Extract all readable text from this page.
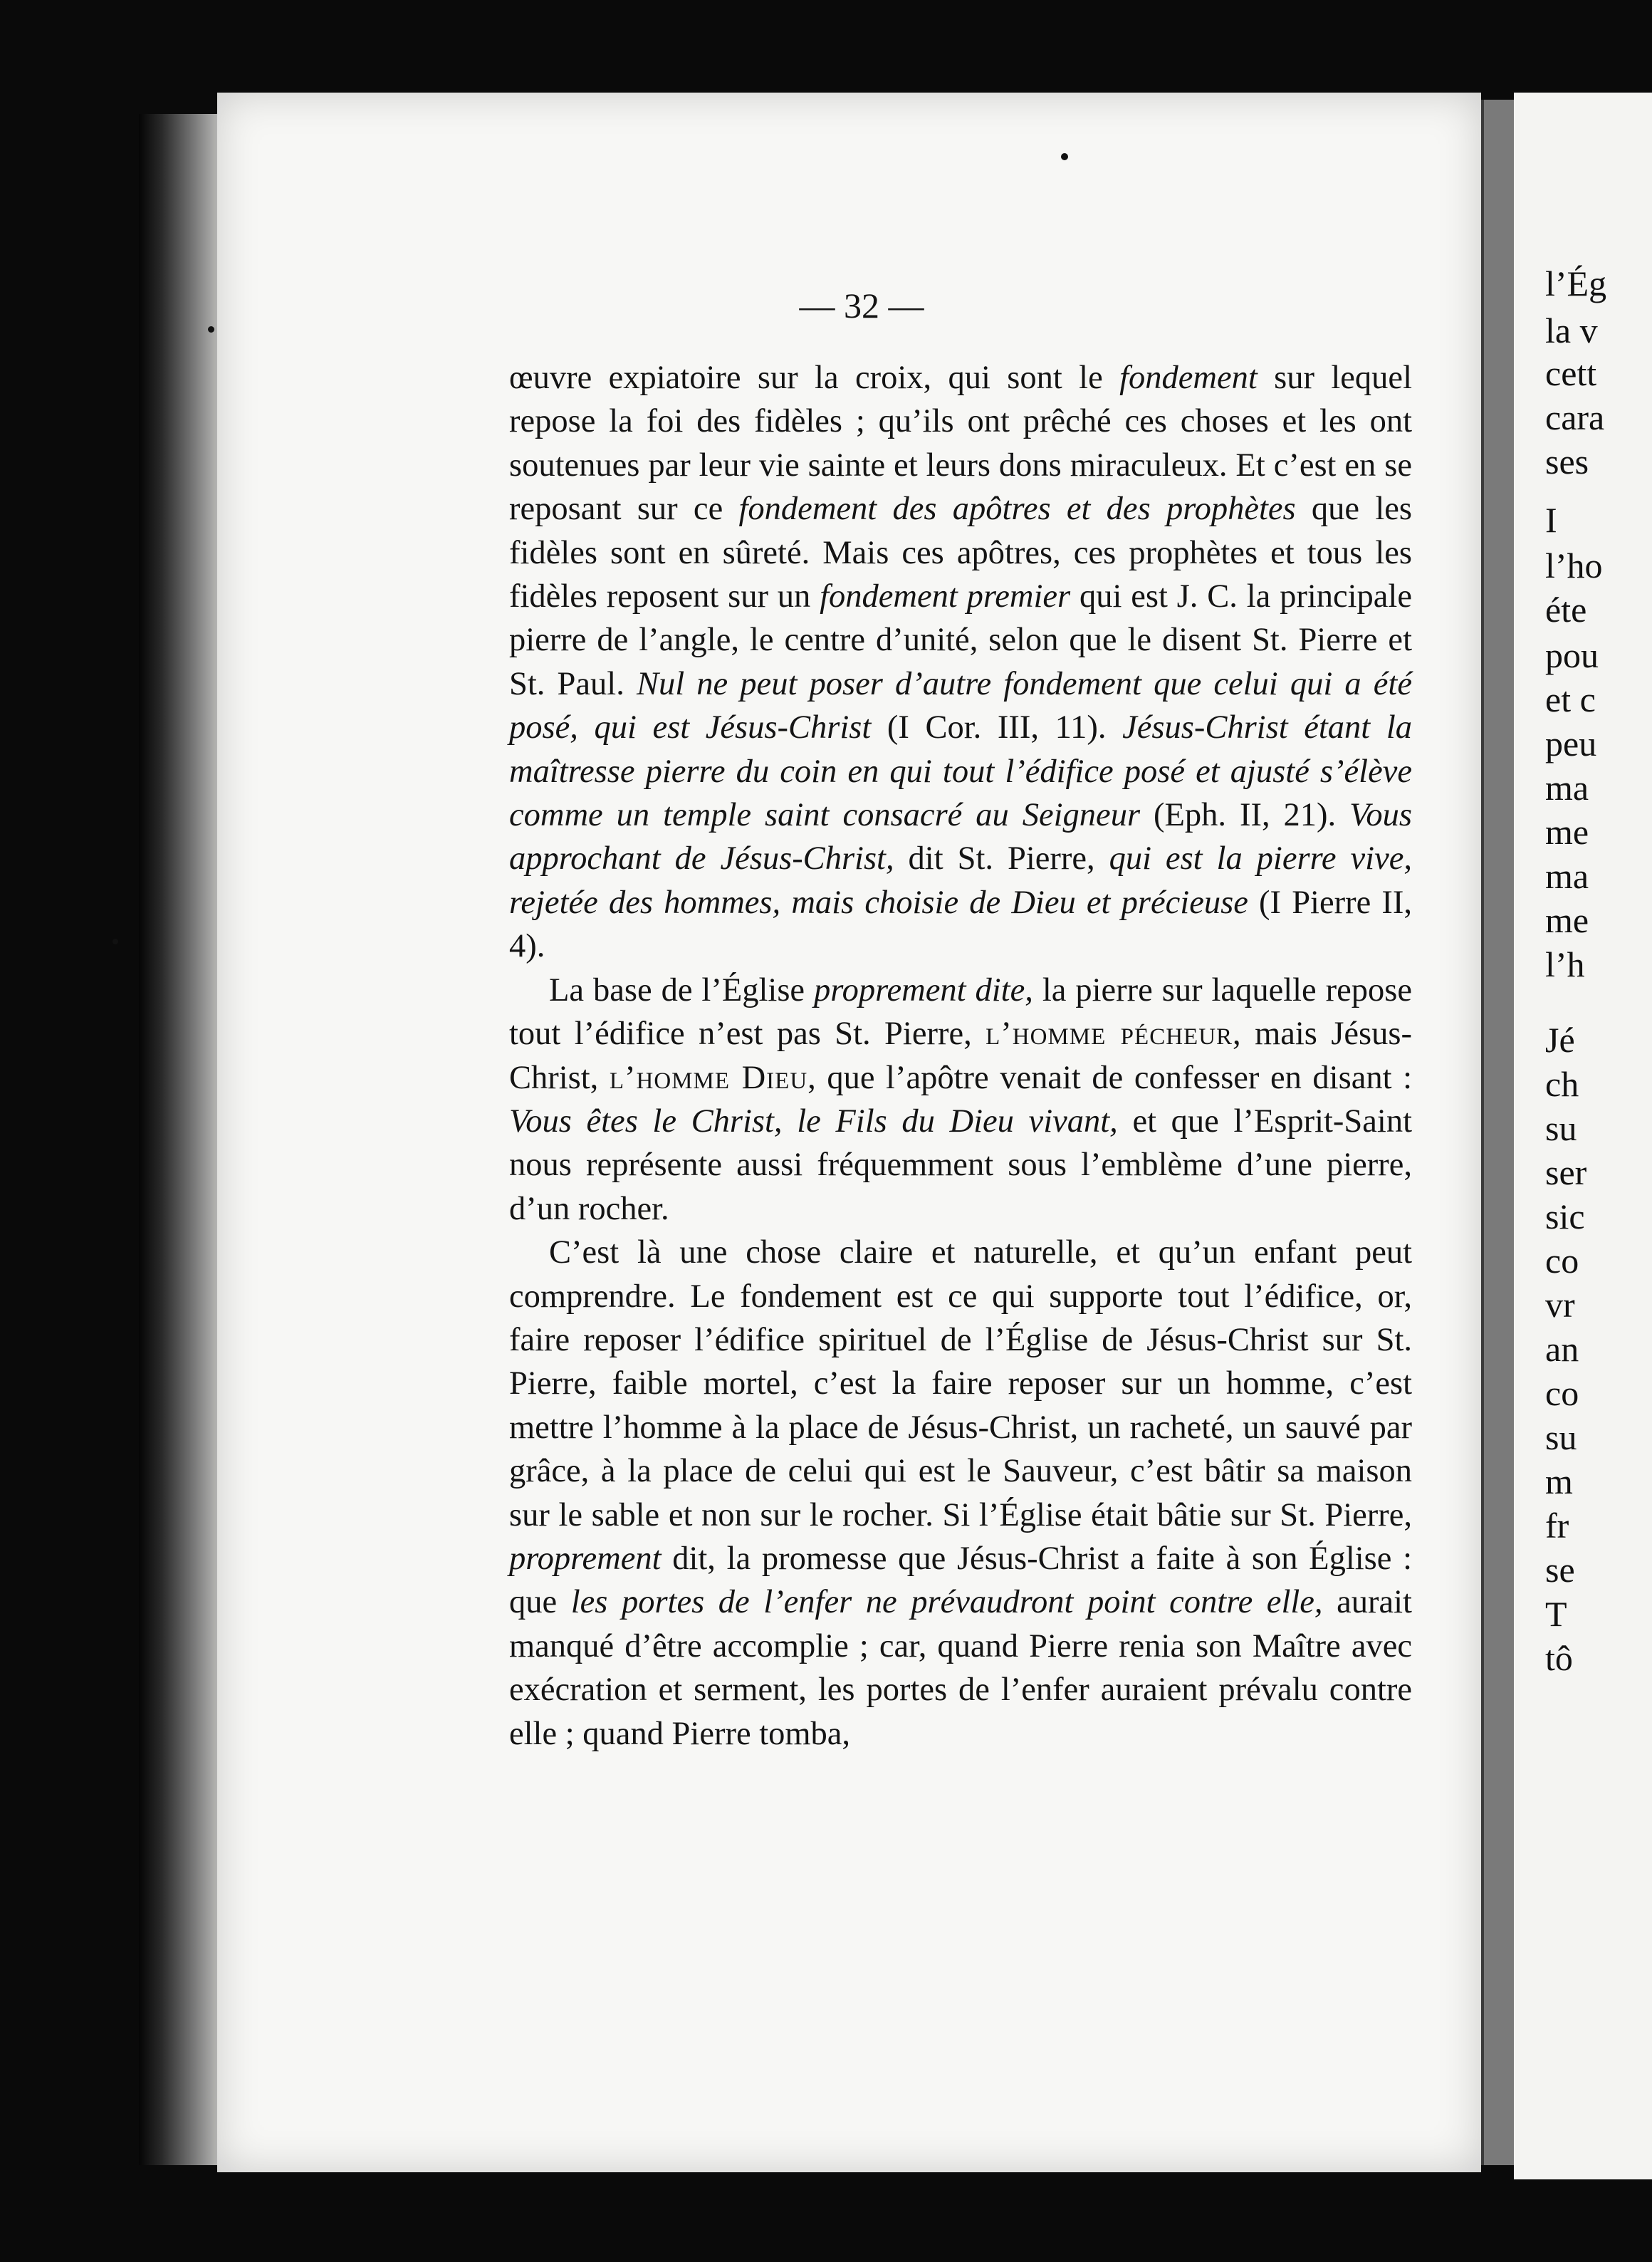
l’Ég
la v
cett
cara
ses
I
l’ho
éte
pou
et c
peu
ma
me
ma
me
l’h
Jé
ch
su
ser
sic
co
vr
an
co
su
m
fr
se
T
tô
— 32 —

œuvre expiatoire sur la croix, qui sont le fondement sur lequel repose la foi des fidèles ; qu’ils ont prêché ces choses et les ont soutenues par leur vie sainte et leurs dons miraculeux. Et c’est en se reposant sur ce fondement des apôtres et des prophètes que les fidèles sont en sûreté. Mais ces apôtres, ces prophètes et tous les fidèles reposent sur un fondement premier qui est J. C. la principale pierre de l’angle, le centre d’unité, selon que le disent St. Pierre et St. Paul. Nul ne peut poser d’autre fondement que celui qui a été posé, qui est Jésus-Christ (I Cor. III, 11). Jésus-Christ étant la maîtresse pierre du coin en qui tout l’édifice posé et ajusté s’élève comme un temple saint consacré au Seigneur (Eph. II, 21). Vous approchant de Jésus-Christ, dit St. Pierre, qui est la pierre vive, rejetée des hommes, mais choisie de Dieu et précieuse (I Pierre II, 4).

La base de l’Église proprement dite, la pierre sur laquelle repose tout l’édifice n’est pas St. Pierre, l’homme pécheur, mais Jésus-Christ, l’homme Dieu, que l’apôtre venait de confesser en disant : Vous êtes le Christ, le Fils du Dieu vivant, et que l’Esprit-Saint nous représente aussi fréquemment sous l’emblème d’une pierre, d’un rocher.

C’est là une chose claire et naturelle, et qu’un enfant peut comprendre. Le fondement est ce qui supporte tout l’édifice, or, faire reposer l’édifice spirituel de l’Église de Jésus-Christ sur St. Pierre, faible mortel, c’est la faire reposer sur un homme, c’est mettre l’homme à la place de Jésus-Christ, un racheté, un sauvé par grâce, à la place de celui qui est le Sauveur, c’est bâtir sa maison sur le sable et non sur le rocher. Si l’Église était bâtie sur St. Pierre, proprement dit, la promesse que Jésus-Christ a faite à son Église : que les portes de l’enfer ne prévaudront point contre elle, aurait manqué d’être accomplie ; car, quand Pierre renia son Maître avec exécration et serment, les portes de l’enfer auraient prévalu contre elle ; quand Pierre tomba,
